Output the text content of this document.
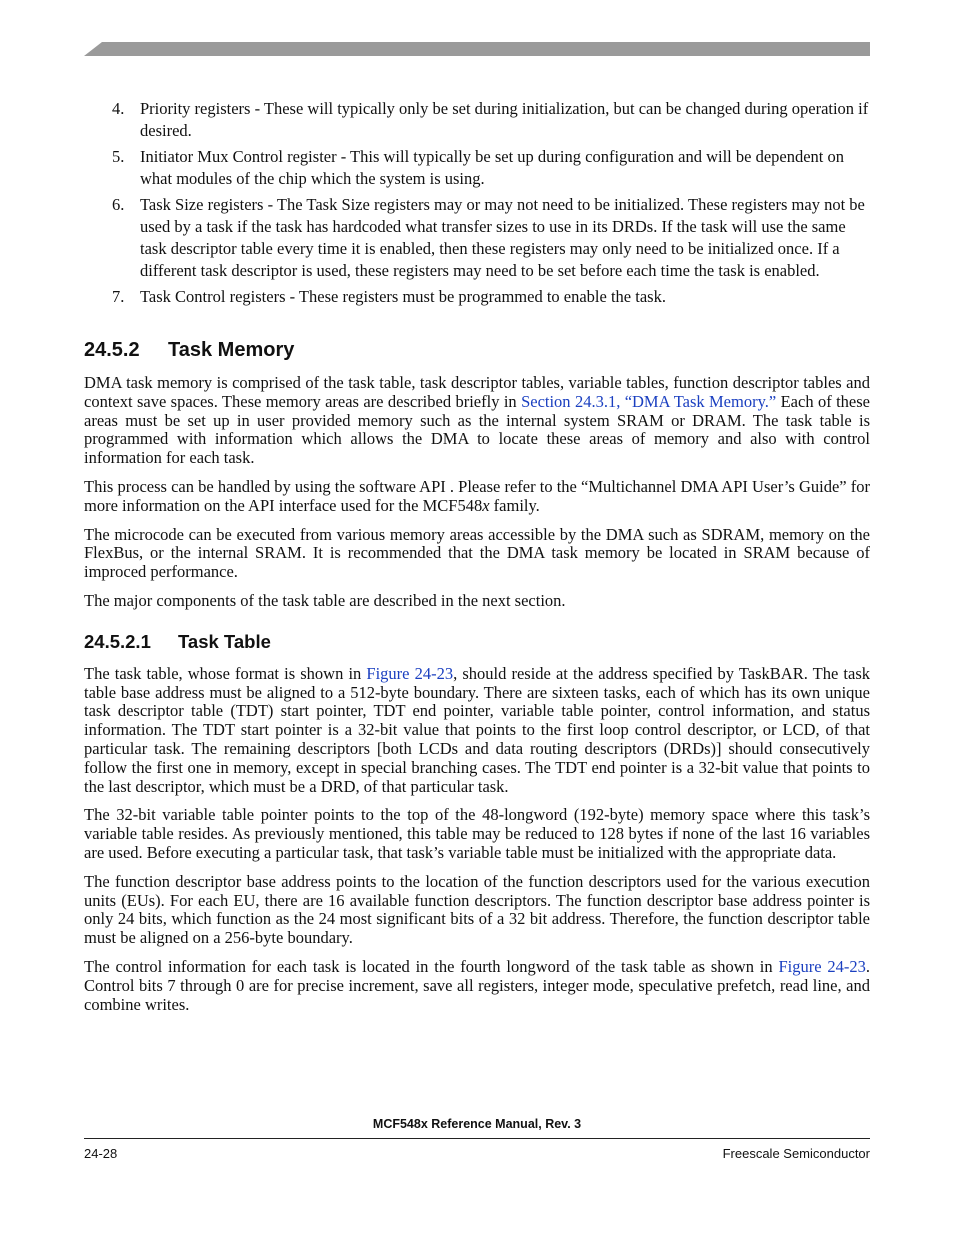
4. Priority registers - These will typically only be set during initialization, but can be changed during operation if desired.
5. Initiator Mux Control register - This will typically be set up during configuration and will be dependent on what modules of the chip which the system is using.
6. Task Size registers - The Task Size registers may or may not need to be initialized. These registers may not be used by a task if the task has hardcoded what transfer sizes to use in its DRDs. If the task will use the same task descriptor table every time it is enabled, then these registers may only need to be initialized once. If a different task descriptor is used, these registers may need to be set before each time the task is enabled.
7. Task Control registers - These registers must be programmed to enable the task.
24.5.2 Task Memory

DMA task memory is comprised of the task table, task descriptor tables, variable tables, function descriptor tables and context save spaces. These memory areas are described briefly in Section 24.3.1, “DMA Task Memory.” Each of these areas must be set up in user provided memory such as the internal system SRAM or DRAM. The task table is programmed with information which allows the DMA to locate these areas of memory and also with control information for each task.

This process can be handled by using the software API . Please refer to the “Multichannel DMA API User’s Guide” for more information on the API interface used for the MCF548x family.

The microcode can be executed from various memory areas accessible by the DMA such as SDRAM, memory on the FlexBus, or the internal SRAM. It is recommended that the DMA task memory be located in SRAM because of improced performance.

The major components of the task table are described in the next section.

24.5.2.1 Task Table

The task table, whose format is shown in Figure 24-23, should reside at the address specified by TaskBAR. The task table base address must be aligned to a 512-byte boundary. There are sixteen tasks, each of which has its own unique task descriptor table (TDT) start pointer, TDT end pointer, variable table pointer, control information, and status information. The TDT start pointer is a 32-bit value that points to the first loop control descriptor, or LCD, of that particular task. The remaining descriptors [both LCDs and data routing descriptors (DRDs)] should consecutively follow the first one in memory, except in special branching cases. The TDT end pointer is a 32-bit value that points to the last descriptor, which must be a DRD, of that particular task.

The 32-bit variable table pointer points to the top of the 48-longword (192-byte) memory space where this task’s variable table resides. As previously mentioned, this table may be reduced to 128 bytes if none of the last 16 variables are used. Before executing a particular task, that task’s variable table must be initialized with the appropriate data.

The function descriptor base address points to the location of the function descriptors used for the various execution units (EUs). For each EU, there are 16 available function descriptors. The function descriptor base address pointer is only 24 bits, which function as the 24 most significant bits of a 32 bit address. Therefore, the function descriptor table must be aligned on a 256-byte boundary.

The control information for each task is located in the fourth longword of the task table as shown in Figure 24-23. Control bits 7 through 0 are for precise increment, save all registers, integer mode, speculative prefetch, read line, and combine writes.

MCF548x Reference Manual, Rev. 3
24-28	Freescale Semiconductor
